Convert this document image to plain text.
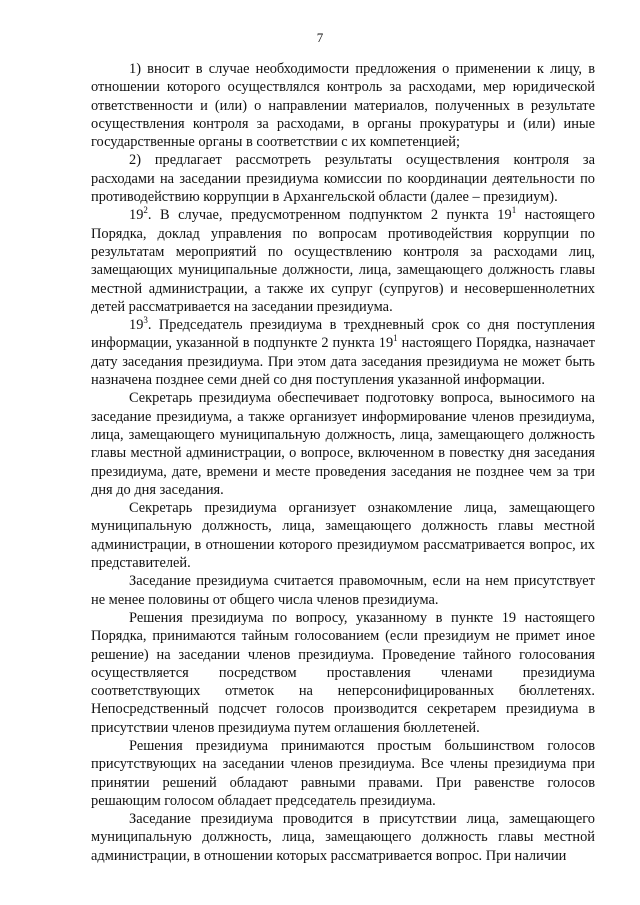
7

1) вносит в случае необходимости предложения о применении к лицу, в отношении которого осуществлялся контроль за расходами, мер юридической ответственности и (или) о направлении материалов, полученных в результате осуществления контроля за расходами, в органы прокуратуры и (или) иные государственные органы в соответствии с их компетенцией;

2) предлагает рассмотреть результаты осуществления контроля за расходами на заседании президиума комиссии по координации деятельности по противодействию коррупции в Архангельской области (далее – президиум).

$19^2$. В случае, предусмотренном подпунктом 2 пункта $19^1$ настоящего Порядка, доклад управления по вопросам противодействия коррупции по результатам мероприятий по осуществлению контроля за расходами лиц, замещающих муниципальные должности, лица, замещающего должность главы местной администрации, а также их супруг (супругов) и несовершеннолетних детей рассматривается на заседании президиума.

$19^3$. Председатель президиума в трехдневный срок со дня поступления информации, указанной в подпункте 2 пункта $19^1$ настоящего Порядка, назначает дату заседания президиума. При этом дата заседания президиума не может быть назначена позднее семи дней со дня поступления указанной информации.

Секретарь президиума обеспечивает подготовку вопроса, выносимого на заседание президиума, а также организует информирование членов президиума, лица, замещающего муниципальную должность, лица, замещающего должность главы местной администрации, о вопросе, включенном в повестку дня заседания президиума, дате, времени и месте проведения заседания не позднее чем за три дня до дня заседания.

Секретарь президиума организует ознакомление лица, замещающего муниципальную должность, лица, замещающего должность главы местной администрации, в отношении которого президиумом рассматривается вопрос, их представителей.

Заседание президиума считается правомочным, если на нем присутствует не менее половины от общего числа членов президиума.

Решения президиума по вопросу, указанному в пункте 19 настоящего Порядка, принимаются тайным голосованием (если президиум не примет иное решение) на заседании членов президиума. Проведение тайного голосования осуществляется посредством проставления членами президиума соответствующих отметок на неперсонифицированных бюллетенях. Непосредственный подсчет голосов производится секретарем президиума в присутствии членов президиума путем оглашения бюллетеней.

Решения президиума принимаются простым большинством голосов присутствующих на заседании членов президиума. Все члены президиума при принятии решений обладают равными правами. При равенстве голосов решающим голосом обладает председатель президиума.

Заседание президиума проводится в присутствии лица, замещающего муниципальную должность, лица, замещающего должность главы местной администрации, в отношении которых рассматривается вопрос. При наличии
